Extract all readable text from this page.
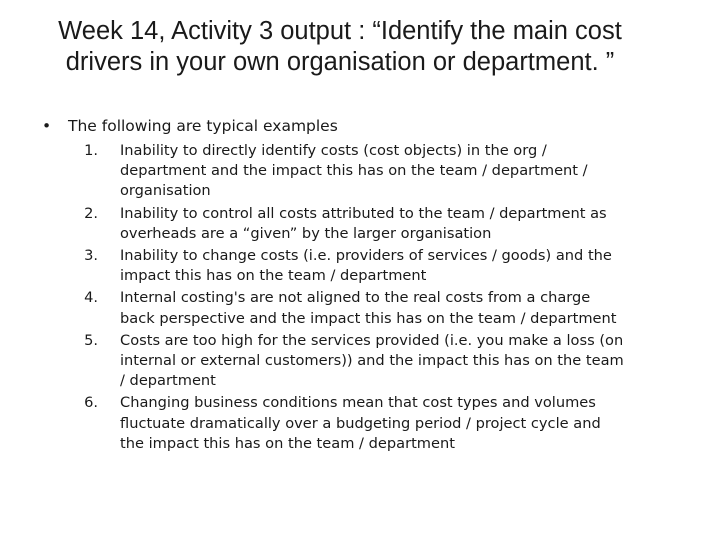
Week 14, Activity 3 output : “Identify the main cost
drivers in your own organisation or department. ”
• The following are typical examples
1. Inability to directly identify costs (cost objects) in the org /
department and the impact this has on the team / department /
organisation
2. Inability to control all costs attributed to the team / department as
overheads are a “given” by the larger organisation
3. Inability to change costs (i.e. providers of services / goods) and the
impact this has on the team / department
4. Internal costing's are not aligned to the real costs from a charge
back perspective and the impact this has on the team / department
5. Costs are too high for the services provided (i.e. you make a loss (on
internal or external customers)) and the impact this has on the team
/ department
6. Changing business conditions mean that cost types and volumes
fluctuate dramatically over a budgeting period / project cycle and
the impact this has on the team / department
